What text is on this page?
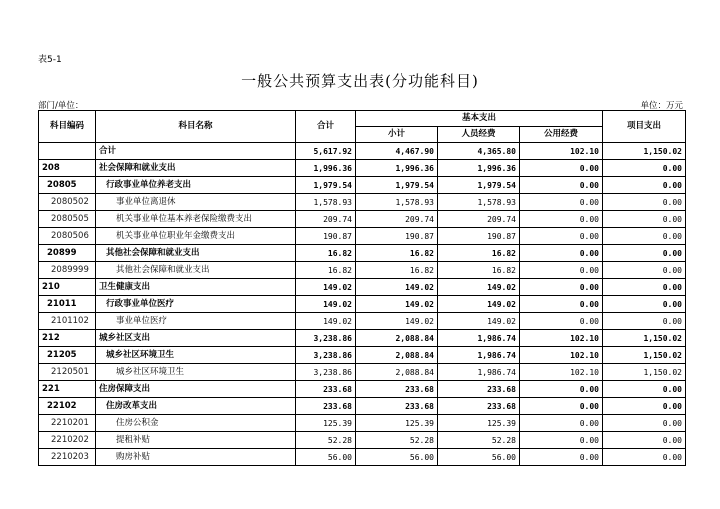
表5-1
一般公共预算支出表(分功能科目)
部门/单位：	单位：万元
科目编码	科目名称	合计	基本支出			项目支出
			小计	人员经费	公用经费	
	合计	5,617.92	4,467.90	4,365.80	102.10	1,150.02
208	社会保障和就业支出	1,996.36	1,996.36	1,996.36	0.00	0.00
20805	行政事业单位养老支出	1,979.54	1,979.54	1,979.54	0.00	0.00
2080502	事业单位离退休	1,578.93	1,578.93	1,578.93	0.00	0.00
2080505	机关事业单位基本养老保险缴费支出	209.74	209.74	209.74	0.00	0.00
2080506	机关事业单位职业年金缴费支出	190.87	190.87	190.87	0.00	0.00
20899	其他社会保障和就业支出	16.82	16.82	16.82	0.00	0.00
2089999	其他社会保障和就业支出	16.82	16.82	16.82	0.00	0.00
210	卫生健康支出	149.02	149.02	149.02	0.00	0.00
21011	行政事业单位医疗	149.02	149.02	149.02	0.00	0.00
2101102	事业单位医疗	149.02	149.02	149.02	0.00	0.00
212	城乡社区支出	3,238.86	2,088.84	1,986.74	102.10	1,150.02
21205	城乡社区环境卫生	3,238.86	2,088.84	1,986.74	102.10	1,150.02
2120501	城乡社区环境卫生	3,238.86	2,088.84	1,986.74	102.10	1,150.02
221	住房保障支出	233.68	233.68	233.68	0.00	0.00
22102	住房改革支出	233.68	233.68	233.68	0.00	0.00
2210201	住房公积金	125.39	125.39	125.39	0.00	0.00
2210202	提租补贴	52.28	52.28	52.28	0.00	0.00
2210203	购房补贴	56.00	56.00	56.00	0.00	0.00
